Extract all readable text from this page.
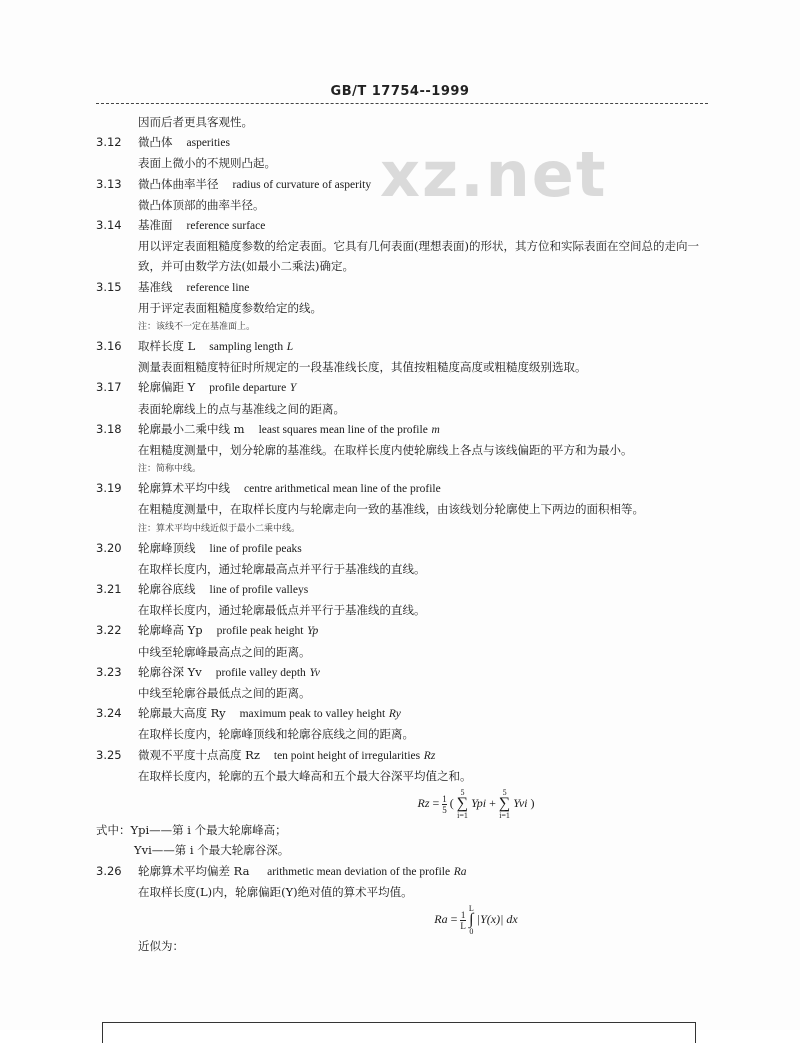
GB/T 17754--1999
xz.net
因而后者更具客观性。
3.12 微凸体 asperities
表面上微小的不规则凸起。
3.13 微凸体曲率半径 radius of curvature of asperity
微凸体顶部的曲率半径。
3.14 基准面 reference surface
用以评定表面粗糙度参数的给定表面。它具有几何表面(理想表面)的形状，其方位和实际表面在空间总的走向一致，并可由数学方法(如最小二乘法)确定。
3.15 基准线 reference line
用于评定表面粗糙度参数给定的线。
注：该线不一定在基准面上。
3.16 取样长度 L sampling length L
测量表面粗糙度特征时所规定的一段基准线长度，其值按粗糙度高度或粗糙度级别选取。
3.17 轮廓偏距 Y profile departure Y
表面轮廓线上的点与基准线之间的距离。
3.18 轮廓最小二乘中线 m least squares mean line of the profile m
在粗糙度测量中，划分轮廓的基准线。在取样长度内使轮廓线上各点与该线偏距的平方和为最小。
注：简称中线。
3.19 轮廓算术平均中线 centre arithmetical mean line of the profile
在粗糙度测量中，在取样长度内与轮廓走向一致的基准线，由该线划分轮廓使上下两边的面积相等。
注：算术平均中线近似于最小二乘中线。
3.20 轮廓峰顶线 line of profile peaks
在取样长度内，通过轮廓最高点并平行于基准线的直线。
3.21 轮廓谷底线 line of profile valleys
在取样长度内，通过轮廓最低点并平行于基准线的直线。
3.22 轮廓峰高 Yp profile peak height Yp
中线至轮廓峰最高点之间的距离。
3.23 轮廓谷深 Yv profile valley depth Yv
中线至轮廓谷最低点之间的距离。
3.24 轮廓最大高度 Ry maximum peak to valley height Ry
在取样长度内，轮廓峰顶线和轮廓谷底线之间的距离。
3.25 微观不平度十点高度 Rz ten point height of irregularities Rz
在取样长度内，轮廓的五个最大峰高和五个最大谷深平均值之和。
$Rz = \frac{1}{5}$ ( 5
∑
i=1 Ypi + 5
∑
i=1 Yvi )
式中：Ypi——第 i 个最大轮廓峰高；
Yvi——第 i 个最大轮廓谷深。
3.26 轮廓算术平均偏差 Ra arithmetic mean deviation of the profile Ra
在取样长度(L)内，轮廓偏距(Y)绝对值的算术平均值。
$Ra = \frac{1}{L}$
L
∫
0 |Y(x)| dx
近似为：
